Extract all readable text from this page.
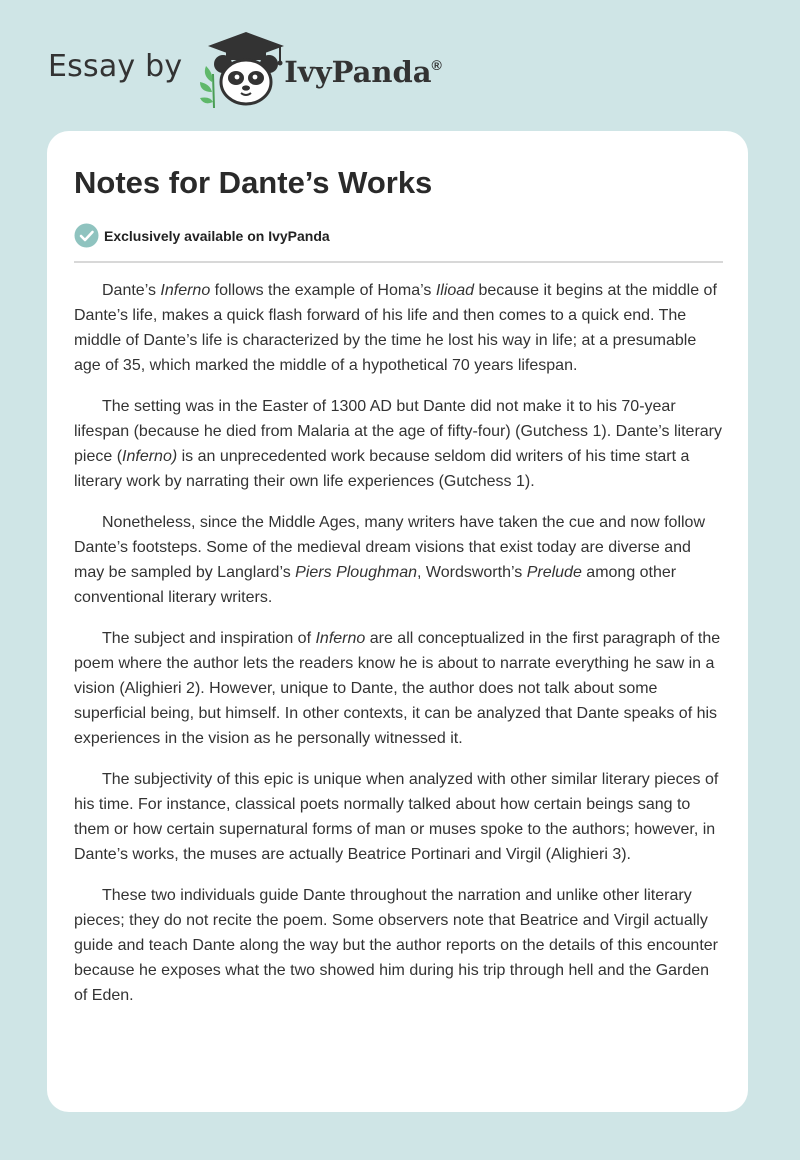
Essay by	IvyPanda®
Notes for Dante’s Works
Exclusively available on IvyPanda

Dante’s Inferno follows the example of Homa’s Ilioad because it begins at the middle of Dante’s life, makes a quick flash forward of his life and then comes to a quick end. The middle of Dante’s life is characterized by the time he lost his way in life; at a presumable age of 35, which marked the middle of a hypothetical 70 years lifespan.

The setting was in the Easter of 1300 AD but Dante did not make it to his 70-year lifespan (because he died from Malaria at the age of fifty-four) (Gutchess 1). Dante’s literary piece (Inferno) is an unprecedented work because seldom did writers of his time start a literary work by narrating their own life experiences (Gutchess 1).

Nonetheless, since the Middle Ages, many writers have taken the cue and now follow Dante’s footsteps. Some of the medieval dream visions that exist today are diverse and may be sampled by Langlard’s Piers Ploughman, Wordsworth’s Prelude among other conventional literary writers.

The subject and inspiration of Inferno are all conceptualized in the first paragraph of the poem where the author lets the readers know he is about to narrate everything he saw in a vision (Alighieri 2). However, unique to Dante, the author does not talk about some superficial being, but himself. In other contexts, it can be analyzed that Dante speaks of his experiences in the vision as he personally witnessed it.

The subjectivity of this epic is unique when analyzed with other similar literary pieces of his time. For instance, classical poets normally talked about how certain beings sang to them or how certain supernatural forms of man or muses spoke to the authors; however, in Dante’s works, the muses are actually Beatrice Portinari and Virgil (Alighieri 3).

These two individuals guide Dante throughout the narration and unlike other literary pieces; they do not recite the poem. Some observers note that Beatrice and Virgil actually guide and teach Dante along the way but the author reports on the details of this encounter because he exposes what the two showed him during his trip through hell and the Garden of Eden.
